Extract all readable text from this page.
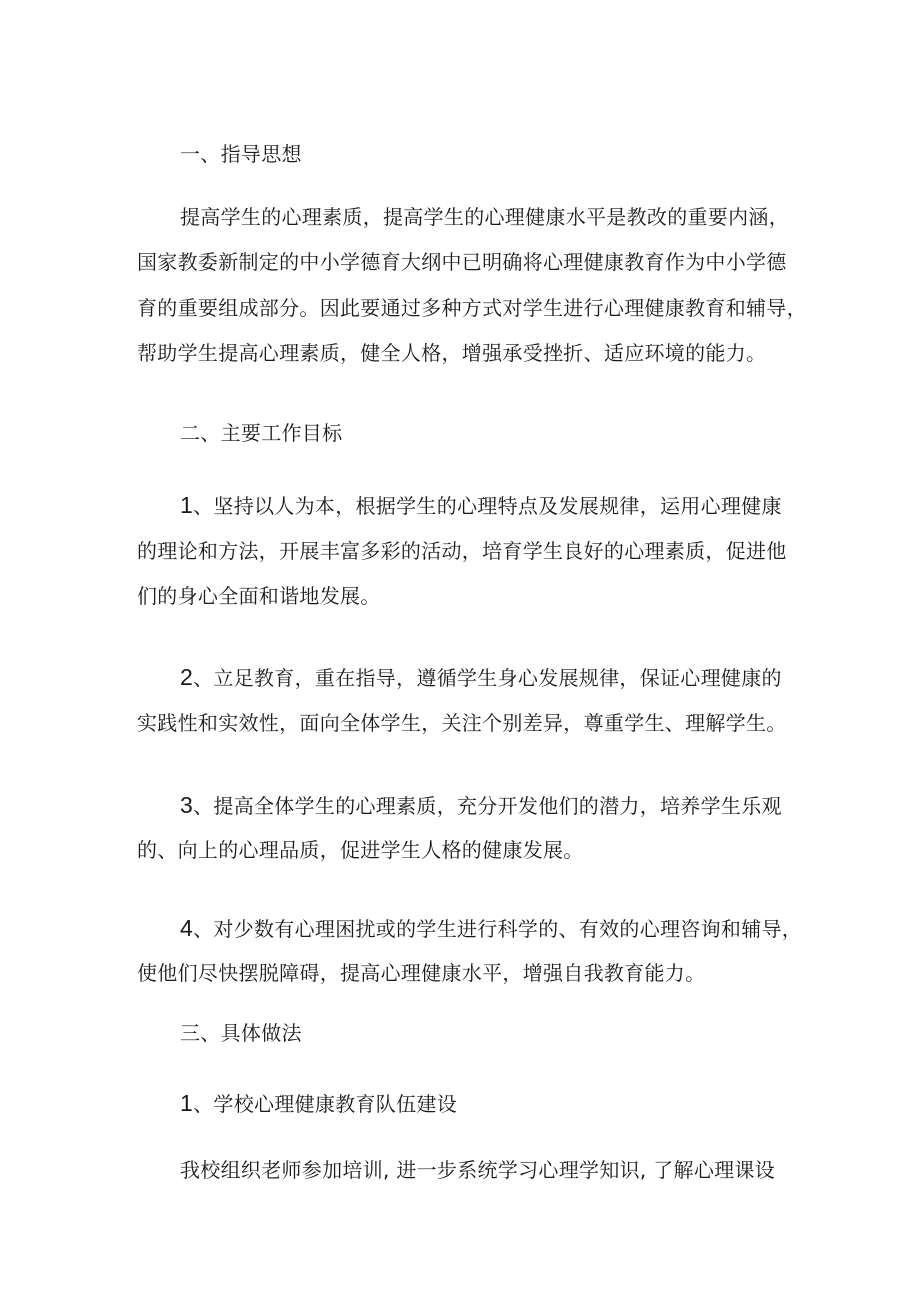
一、指导思想

提高学生的心理素质，提高学生的心理健康水平是教改的重要内涵，

国家教委新制定的中小学德育大纲中已明确将心理健康教育作为中小学德

育的重要组成部分。因此要通过多种方式对学生进行心理健康教育和辅导，

帮助学生提高心理素质，健全人格，增强承受挫折、适应环境的能力。

二、主要工作目标

1、坚持以人为本，根据学生的心理特点及发展规律，运用心理健康

的理论和方法，开展丰富多彩的活动，培育学生良好的心理素质，促进他

们的身心全面和谐地发展。

2、立足教育，重在指导，遵循学生身心发展规律，保证心理健康的

实践性和实效性，面向全体学生，关注个别差异，尊重学生、理解学生。

3、提高全体学生的心理素质，充分开发他们的潜力，培养学生乐观

的、向上的心理品质，促进学生人格的健康发展。

4、对少数有心理困扰或的学生进行科学的、有效的心理咨询和辅导，

使他们尽快摆脱障碍，提高心理健康水平，增强自我教育能力。

三、具体做法

1、学校心理健康教育队伍建设

我校组织老师参加培训, 进一步系统学习心理学知识, 了解心理课设
